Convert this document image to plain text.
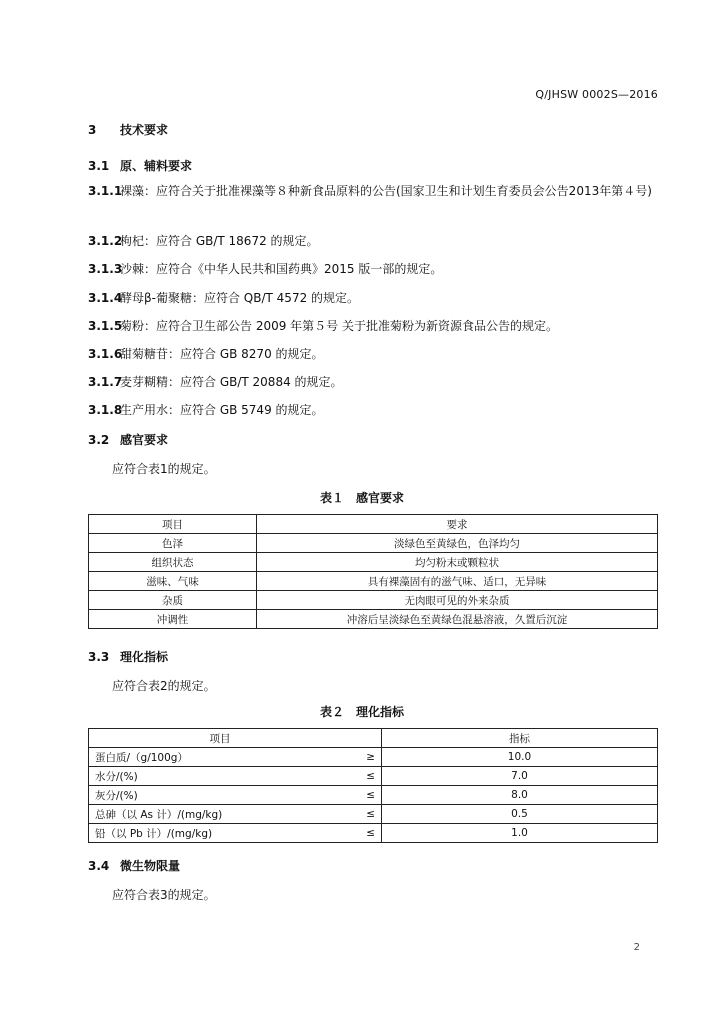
Q/JHSW 0002S—2016
3 技术要求
3.1 原、辅料要求
3.1.1裸藻：应符合关于批准裸藻等８种新食品原料的公告(国家卫生和计划生育委员会公告2013年第４号)
3.1.2枸杞：应符合 GB/T 18672 的规定。
3.1.3沙棘：应符合《中华人民共和国药典》2015 版一部的规定。
3.1.4酵母β-葡聚糖：应符合 QB/T 4572 的规定。
3.1.5菊粉：应符合卫生部公告 2009 年第５号 关于批准菊粉为新资源食品公告的规定。
3.1.6甜菊糖苷：应符合 GB 8270 的规定。
3.1.7麦芽糊精：应符合 GB/T 20884 的规定。
3.1.8生产用水：应符合 GB 5749 的规定。
3.2 感官要求
应符合表1的规定。
表１　感官要求
项目	要求
色泽	淡绿色至黄绿色，色泽均匀
组织状态	均匀粉末或颗粒状
滋味、气味	具有裸藻固有的滋气味、适口，无异味
杂质	无肉眼可见的外来杂质
冲调性	冲溶后呈淡绿色至黄绿色混悬溶液，久置后沉淀
3.3 理化指标
应符合表2的规定。
表２　理化指标
项目		指标
蛋白质/（g/100g）	≥	10.0
水分/(%)	≤	7.0
灰分/(%)	≤	8.0
总砷（以 As 计）/(mg/kg)	≤	0.5
铅（以 Pb 计）/(mg/kg)	≤	1.0
3.4 微生物限量
应符合表3的规定。
2
